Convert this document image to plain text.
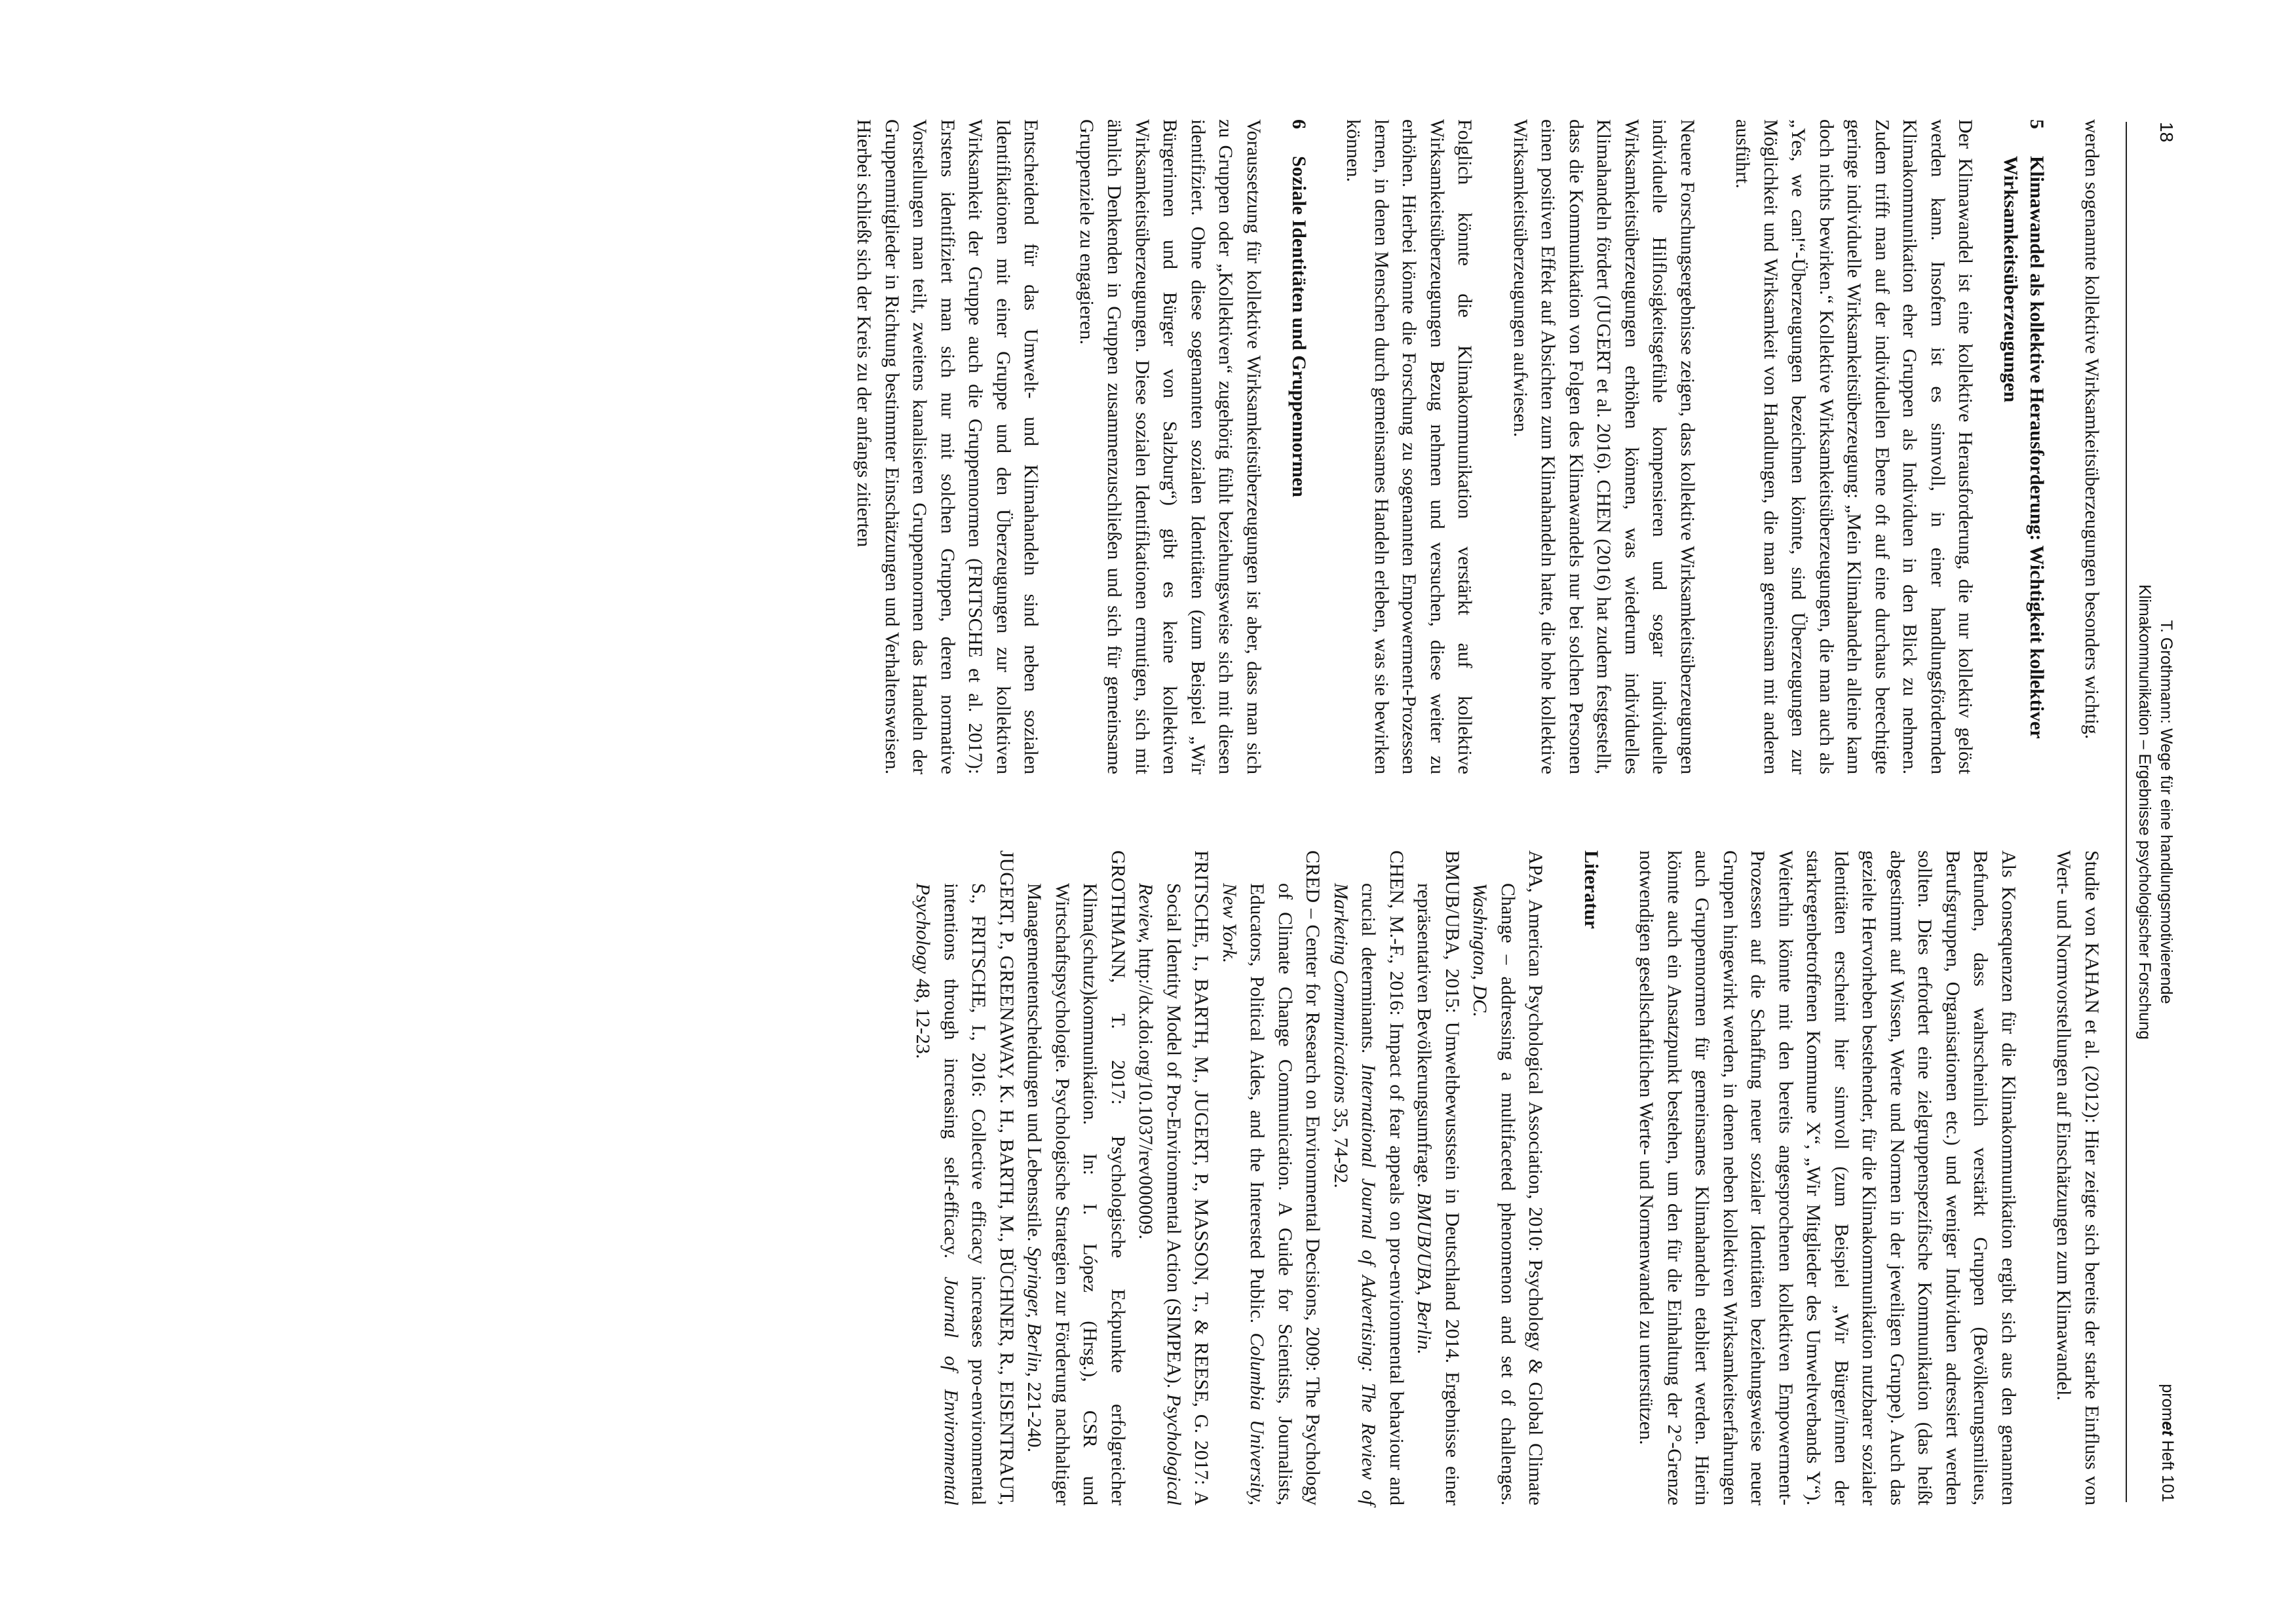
18
T. Grothmann: Wege für eine handlungsmotivierende
Klimakommunikation – Ergebnisse psychologischer Forschung
promet Heft 101

werden sogenannte kollektive Wirksamkeitsüberzeugungen besonders wichtig.

5
Klimawandel als kollektive Herausforderung: Wichtigkeit kollektiver Wirksamkeitsüberzeugungen

Der Klimawandel ist eine kollektive Herausforderung, die nur kollektiv gelöst werden kann. Insofern ist es sinnvoll, in einer handlungsfördernden Klimakommunikation eher Gruppen als Individuen in den Blick zu nehmen. Zudem trifft man auf der individuellen Ebene oft auf eine durchaus berechtigte geringe individuelle Wirksamkeitsüberzeugung: „Mein Klimahandeln alleine kann doch nichts bewirken.“ Kollektive Wirksamkeitsüberzeugungen, die man auch als „Yes, we can!“-Überzeugungen bezeichnen könnte, sind Überzeugungen zur Möglichkeit und Wirksamkeit von Handlungen, die man gemeinsam mit anderen ausführt.

Neuere Forschungsergebnisse zeigen, dass kollektive Wirksamkeitsüberzeugungen individuelle Hilflosigkeitsgefühle kompensieren und sogar individuelle Wirksamkeitsüberzeugungen erhöhen können, was wiederum individuelles Klimahandeln fördert (JUGERT et al. 2016). CHEN (2016) hat zudem festgestellt, dass die Kommunikation von Folgen des Klimawandels nur bei solchen Personen einen positiven Effekt auf Absichten zum Klimahandeln hatte, die hohe kollektive Wirksamkeitsüberzeugungen aufwiesen.

Folglich könnte die Klimakommunikation verstärkt auf kollektive Wirksamkeitsüberzeugungen Bezug nehmen und versuchen, diese weiter zu erhöhen. Hierbei könnte die Forschung zu sogenannten Empowerment-Prozessen lernen, in denen Menschen durch gemeinsames Handeln erleben, was sie bewirken können.

6
Soziale Identitäten und Gruppennormen

Voraussetzung für kollektive Wirksamkeitsüberzeugungen ist aber, dass man sich zu Gruppen oder „Kollektiven“ zugehörig fühlt beziehungsweise sich mit diesen identifiziert. Ohne diese sogenannten sozialen Identitäten (zum Beispiel „Wir Bürgerinnen und Bürger von Salzburg“) gibt es keine kollektiven Wirksamkeitsüberzeugungen. Diese sozialen Identifikationen ermutigen, sich mit ähnlich Denkenden in Gruppen zusammenzuschließen und sich für gemeinsame Gruppenziele zu engagieren.

Entscheidend für das Umwelt- und Klimahandeln sind neben sozialen Identifikationen mit einer Gruppe und den Überzeugungen zur kollektiven Wirksamkeit der Gruppe auch die Gruppennormen (FRITSCHE et al. 2017): Erstens identifiziert man sich nur mit solchen Gruppen, deren normative Vorstellungen man teilt, zweitens kanalisieren Gruppennormen das Handeln der Gruppenmitglieder in Richtung bestimmter Einschätzungen und Verhaltensweisen. Hierbei schließt sich der Kreis zu der anfangs zitierten

Studie von KAHAN et al. (2012): Hier zeigte sich bereits der starke Einfluss von Wert- und Normvorstellungen auf Einschätzungen zum Klimawandel.

Als Konsequenzen für die Klimakommunikation ergibt sich aus den genannten Befunden, dass wahrscheinlich verstärkt Gruppen (Bevölkerungsmilieus, Berufsgruppen, Organisationen etc.) und weniger Individuen adressiert werden sollten. Dies erfordert eine zielgruppenspezifische Kommunikation (das heißt abgestimmt auf Wissen, Werte und Normen in der jeweiligen Gruppe). Auch das gezielte Hervorheben bestehender, für die Klimakommunikation nutzbarer sozialer Identitäten erscheint hier sinnvoll (zum Beispiel „Wir Bürger/innen der starkregenbetroffenen Kommune X“, „Wir Mitglieder des Umweltverbands Y“). Weiterhin könnte mit den bereits angesprochenen kollektiven Empowerment-Prozessen auf die Schaffung neuer sozialer Identitäten beziehungsweise neuer Gruppen hingewirkt werden, in denen neben kollektiven Wirksamkeitserfahrungen auch Gruppennormen für gemeinsames Klimahandeln etabliert werden. Hierin könnte auch ein Ansatzpunkt bestehen, um den für die Einhaltung der 2°-Grenze notwendigen gesellschaftlichen Werte- und Normenwandel zu unterstützen.

Literatur

APA, American Psychological Association, 2010: Psychology & Global Climate Change – addressing a multifaceted phenomenon and set of challenges. Washington, DC.

BMUB/UBA, 2015: Umweltbewusstsein in Deutschland 2014. Ergebnisse einer repräsentativen Bevölkerungsumfrage. BMUB/UBA, Berlin.

CHEN, M.-F., 2016: Impact of fear appeals on pro-environmental behaviour and crucial determinants. International Journal of Advertising: The Review of Marketing Communications 35, 74-92.

CRED – Center for Research on Environmental Decisions, 2009: The Psychology of Climate Change Communication. A Guide for Scientists, Journalists, Educators, Political Aides, and the Interested Public. Columbia University, New York.

FRITSCHE, I., BARTH, M., JUGERT, P., MASSON, T., & REESE, G. 2017: A Social Identity Model of Pro-Environmental Action (SIMPEA). Psychological Review, http://dx.doi.org/10.1037/rev000009.

GROTHMANN, T. 2017: Psychologische Eckpunkte erfolgreicher Klima(schutz)kommunikation. In: I. López (Hrsg.), CSR und Wirtschaftspsychologie. Psychologische Strategien zur Förderung nachhaltiger Managemententscheidungen und Lebensstile. Springer, Berlin, 221-240.

JUGERT, P., GREENAWAY, K. H., BARTH, M., BÜCHNER, R., EISENTRAUT, S., FRITSCHE, I., 2016: Collective efficacy increases pro-environmental intentions through increasing self-efficacy. Journal of Environmental Psychology 48, 12-23.
